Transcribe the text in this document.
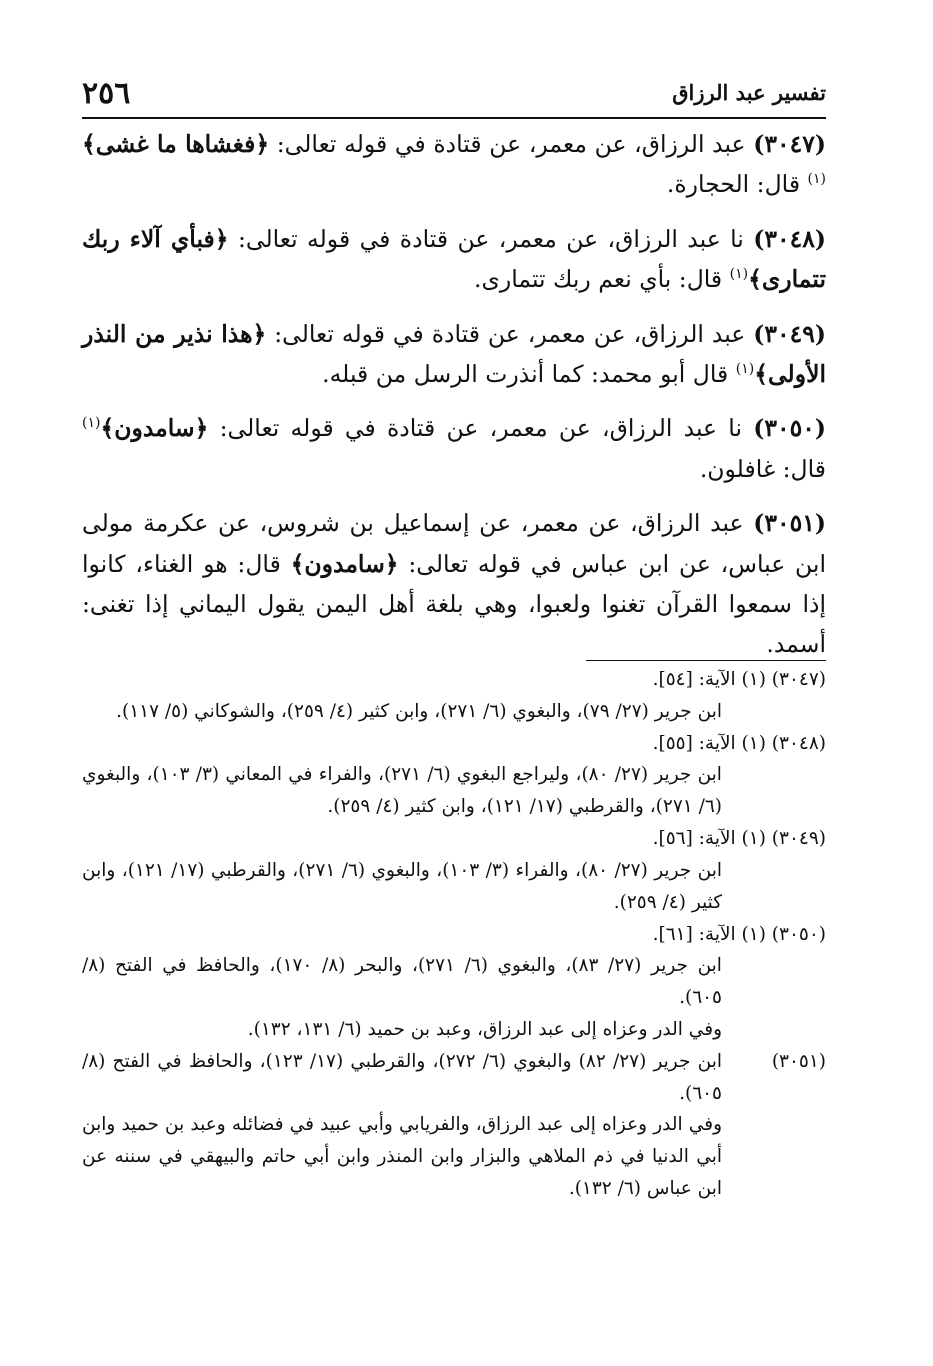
٢٥٦	تفسير عبد الرزاق

(٣٠٤٧) عبد الرزاق، عن معمر، عن قتادة في قوله تعالى: ﴿فغشاها ما غشى﴾$^{(١)}$ قال: الحجارة.

(٣٠٤٨) نا عبد الرزاق، عن معمر، عن قتادة في قوله تعالى: ﴿فبأي آلاء ربك تتمارى﴾$^{(١)}$ قال: بأي نعم ربك تتمارى.

(٣٠٤٩) عبد الرزاق، عن معمر، عن قتادة في قوله تعالى: ﴿هذا نذير من النذر الأولى﴾$^{(١)}$ قال أبو محمد: كما أنذرت الرسل من قبله.

(٣٠٥٠) نا عبد الرزاق، عن معمر، عن قتادة في قوله تعالى: ﴿سامدون﴾$^{(١)}$ قال: غافلون.

(٣٠٥١) عبد الرزاق، عن معمر، عن إسماعيل بن شروس، عن عكرمة مولى ابن عباس، عن ابن عباس في قوله تعالى: ﴿سامدون﴾ قال: هو الغناء، كانوا إذا سمعوا القرآن تغنوا ولعبوا، وهي بلغة أهل اليمن يقول اليماني إذا تغنى: أسمد.

(٣٠٤٧) (١) الآية: [٥٤].

ابن جرير (٢٧/ ٧٩)، والبغوي (٦/ ٢٧١)، وابن كثير (٤/ ٢٥٩)، والشوكاني (٥/ ١١٧).

(٣٠٤٨) (١) الآية: [٥٥].

ابن جرير (٢٧/ ٨٠)، وليراجع البغوي (٦/ ٢٧١)، والفراء في المعاني (٣/ ١٠٣)، والبغوي (٦/ ٢٧١)، والقرطبي (١٧/ ١٢١)، وابن كثير (٤/ ٢٥٩).

(٣٠٤٩) (١) الآية: [٥٦].

ابن جرير (٢٧/ ٨٠)، والفراء (٣/ ١٠٣)، والبغوي (٦/ ٢٧١)، والقرطبي (١٧/ ١٢١)، وابن كثير (٤/ ٢٥٩).

(٣٠٥٠) (١) الآية: [٦١].

ابن جرير (٢٧/ ٨٣)، والبغوي (٦/ ٢٧١)، والبحر (٨/ ١٧٠)، والحافظ في الفتح (٨/ ٦٠٥).

وفي الدر وعزاه إلى عبد الرزاق، وعبد بن حميد (٦/ ١٣١، ١٣٢).

(٣٠٥١)
ابن جرير (٢٧/ ٨٢) والبغوي (٦/ ٢٧٢)، والقرطبي (١٧/ ١٢٣)، والحافظ في الفتح (٨/ ٦٠٥).

وفي الدر وعزاه إلى عبد الرزاق، والفريابي وأبي عبيد في فضائله وعبد بن حميد وابن أبي الدنيا في ذم الملاهي والبزار وابن المنذر وابن أبي حاتم والبيهقي في سننه عن ابن عباس (٦/ ١٣٢).
